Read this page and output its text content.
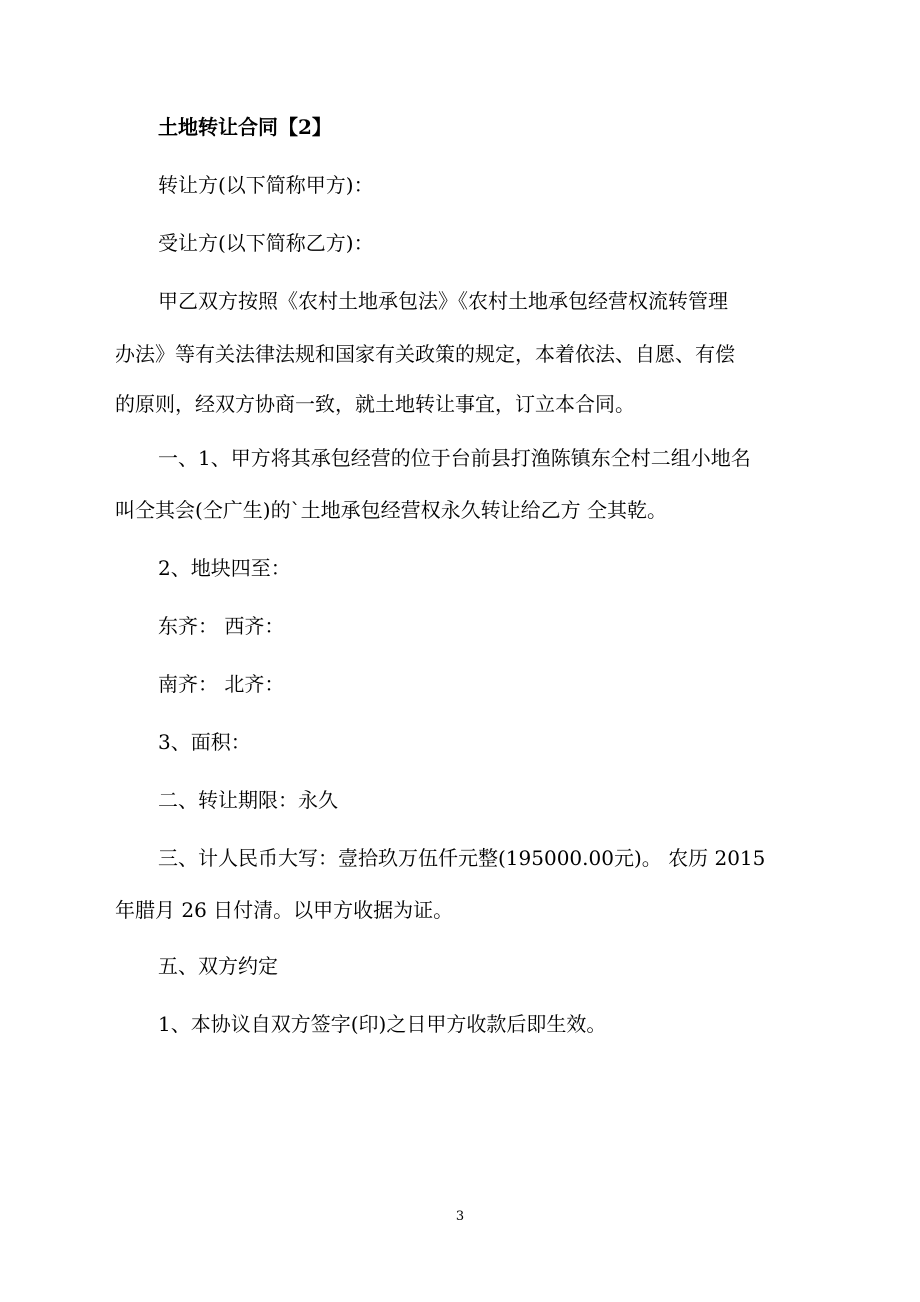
土地转让合同【2】
转让方(以下简称甲方)：
受让方(以下简称乙方)：
甲乙双方按照《农村土地承包法》《农村土地承包经营权流转管理
办法》等有关法律法规和国家有关政策的规定，本着依法、自愿、有偿
的原则，经双方协商一致，就土地转让事宜，订立本合同。
一、1、甲方将其承包经营的位于台前县打渔陈镇东仝村二组小地名
叫仝其会(仝广生)的`土地承包经营权永久转让给乙方 仝其乾。
2、地块四至：
东齐： 西齐：
南齐： 北齐：
3、面积：
二、转让期限：永久
三、计人民币大写：壹拾玖万伍仟元整(195000.00元)。 农历 2015
年腊月 26 日付清。以甲方收据为证。
五、双方约定
1、本协议自双方签字(印)之日甲方收款后即生效。
3
